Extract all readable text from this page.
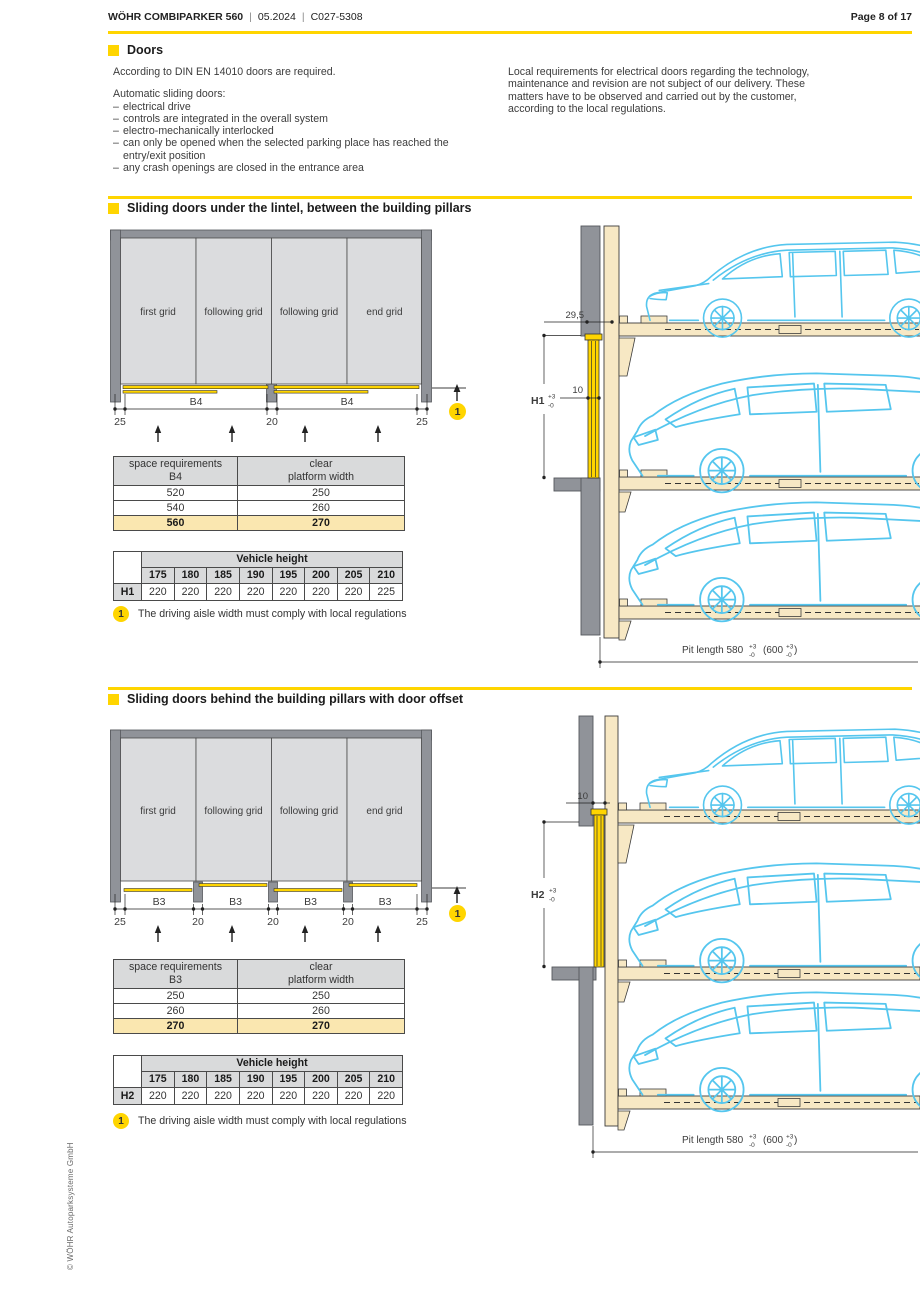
WÖHR COMBIPARKER 560 | 05.2024 | C027-5308	Page 8 of 17
Doors
According to DIN EN 14010 doors are required.
Automatic sliding doors:
– electrical drive
– controls are integrated in the overall system
– electro-mechanically interlocked
– can only be opened when the selected parking place has reached the entry/exit position
– any crash openings are closed in the entrance area
Local requirements for electrical doors regarding the technology, maintenance and revision are not subject of our delivery. These matters have to be observed and carried out by the customer, according to the local regulations.
Sliding doors under the lintel, between the building pillars
first grid	following grid following grid	end grid
B4	B4
25	20	25
1
29,5
10
H1 +3
-0
Pit length 580 +3
-0 (600 +3
-0 )
space requirements
B4

clear
platform width

520	250
540	260
560	270
	Vehicle height							
	175	180	185	190	195	200	205	210
H1	220	220	220	220	220	220	220	225
1	The driving aisle width must comply with local regulations
Sliding doors behind the building pillars with door offset
first grid	following grid following grid	end grid
B3	B3	B3	B3
25	20	20	20	25
1
10
H2 +3
-0
Pit length 580 +3
-0 (600 +3
-0 )
space requirements
B3

clear
platform width

250	250
260	260
270	270
	Vehicle height							
	175	180	185	190	195	200	205	210
H2	220	220	220	220	220	220	220	220
1	The driving aisle width must comply with local regulations
© WÖHR Autoparksysteme GmbH
